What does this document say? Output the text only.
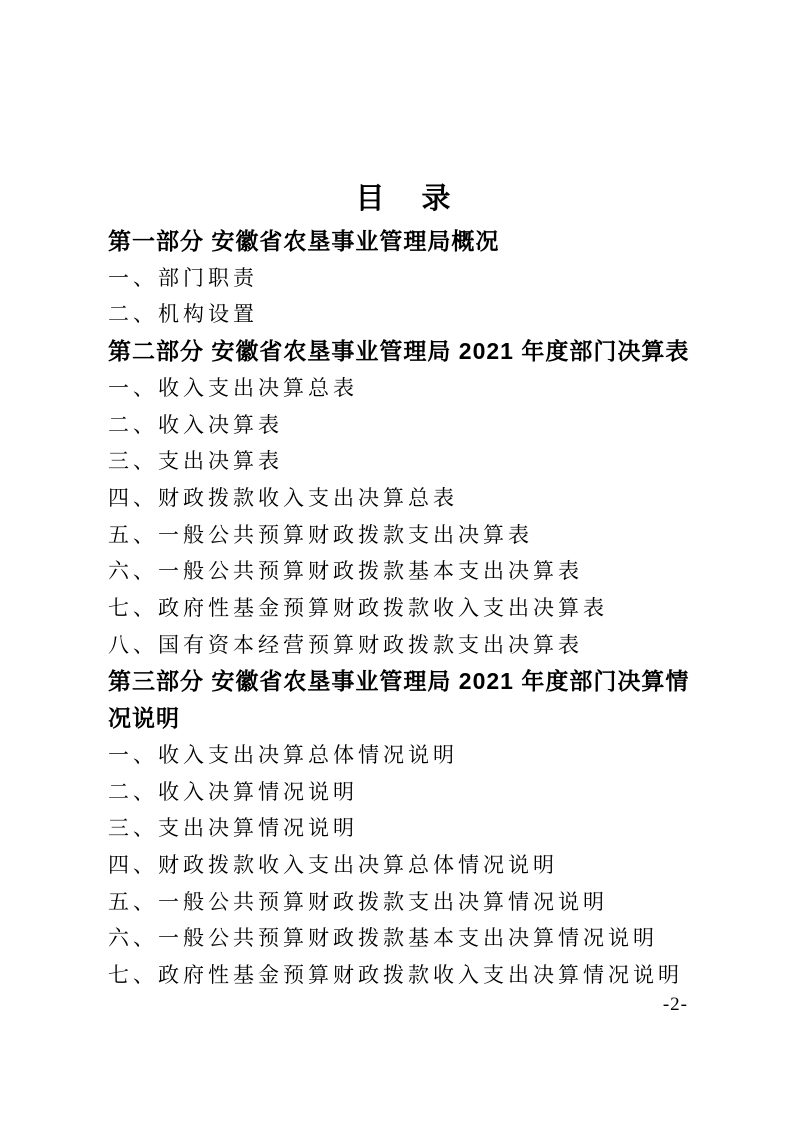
目　录

第一部分 安徽省农垦事业管理局概况

一、部门职责

二、机构设置

第二部分 安徽省农垦事业管理局 2021 年度部门决算表

一、收入支出决算总表

二、收入决算表

三、支出决算表

四、财政拨款收入支出决算总表

五、一般公共预算财政拨款支出决算表

六、一般公共预算财政拨款基本支出决算表

七、政府性基金预算财政拨款收入支出决算表

八、国有资本经营预算财政拨款支出决算表

第三部分 安徽省农垦事业管理局 2021 年度部门决算情况说明

一、收入支出决算总体情况说明

二、收入决算情况说明

三、支出决算情况说明

四、财政拨款收入支出决算总体情况说明

五、一般公共预算财政拨款支出决算情况说明

六、一般公共预算财政拨款基本支出决算情况说明

七、政府性基金预算财政拨款收入支出决算情况说明

-2-
